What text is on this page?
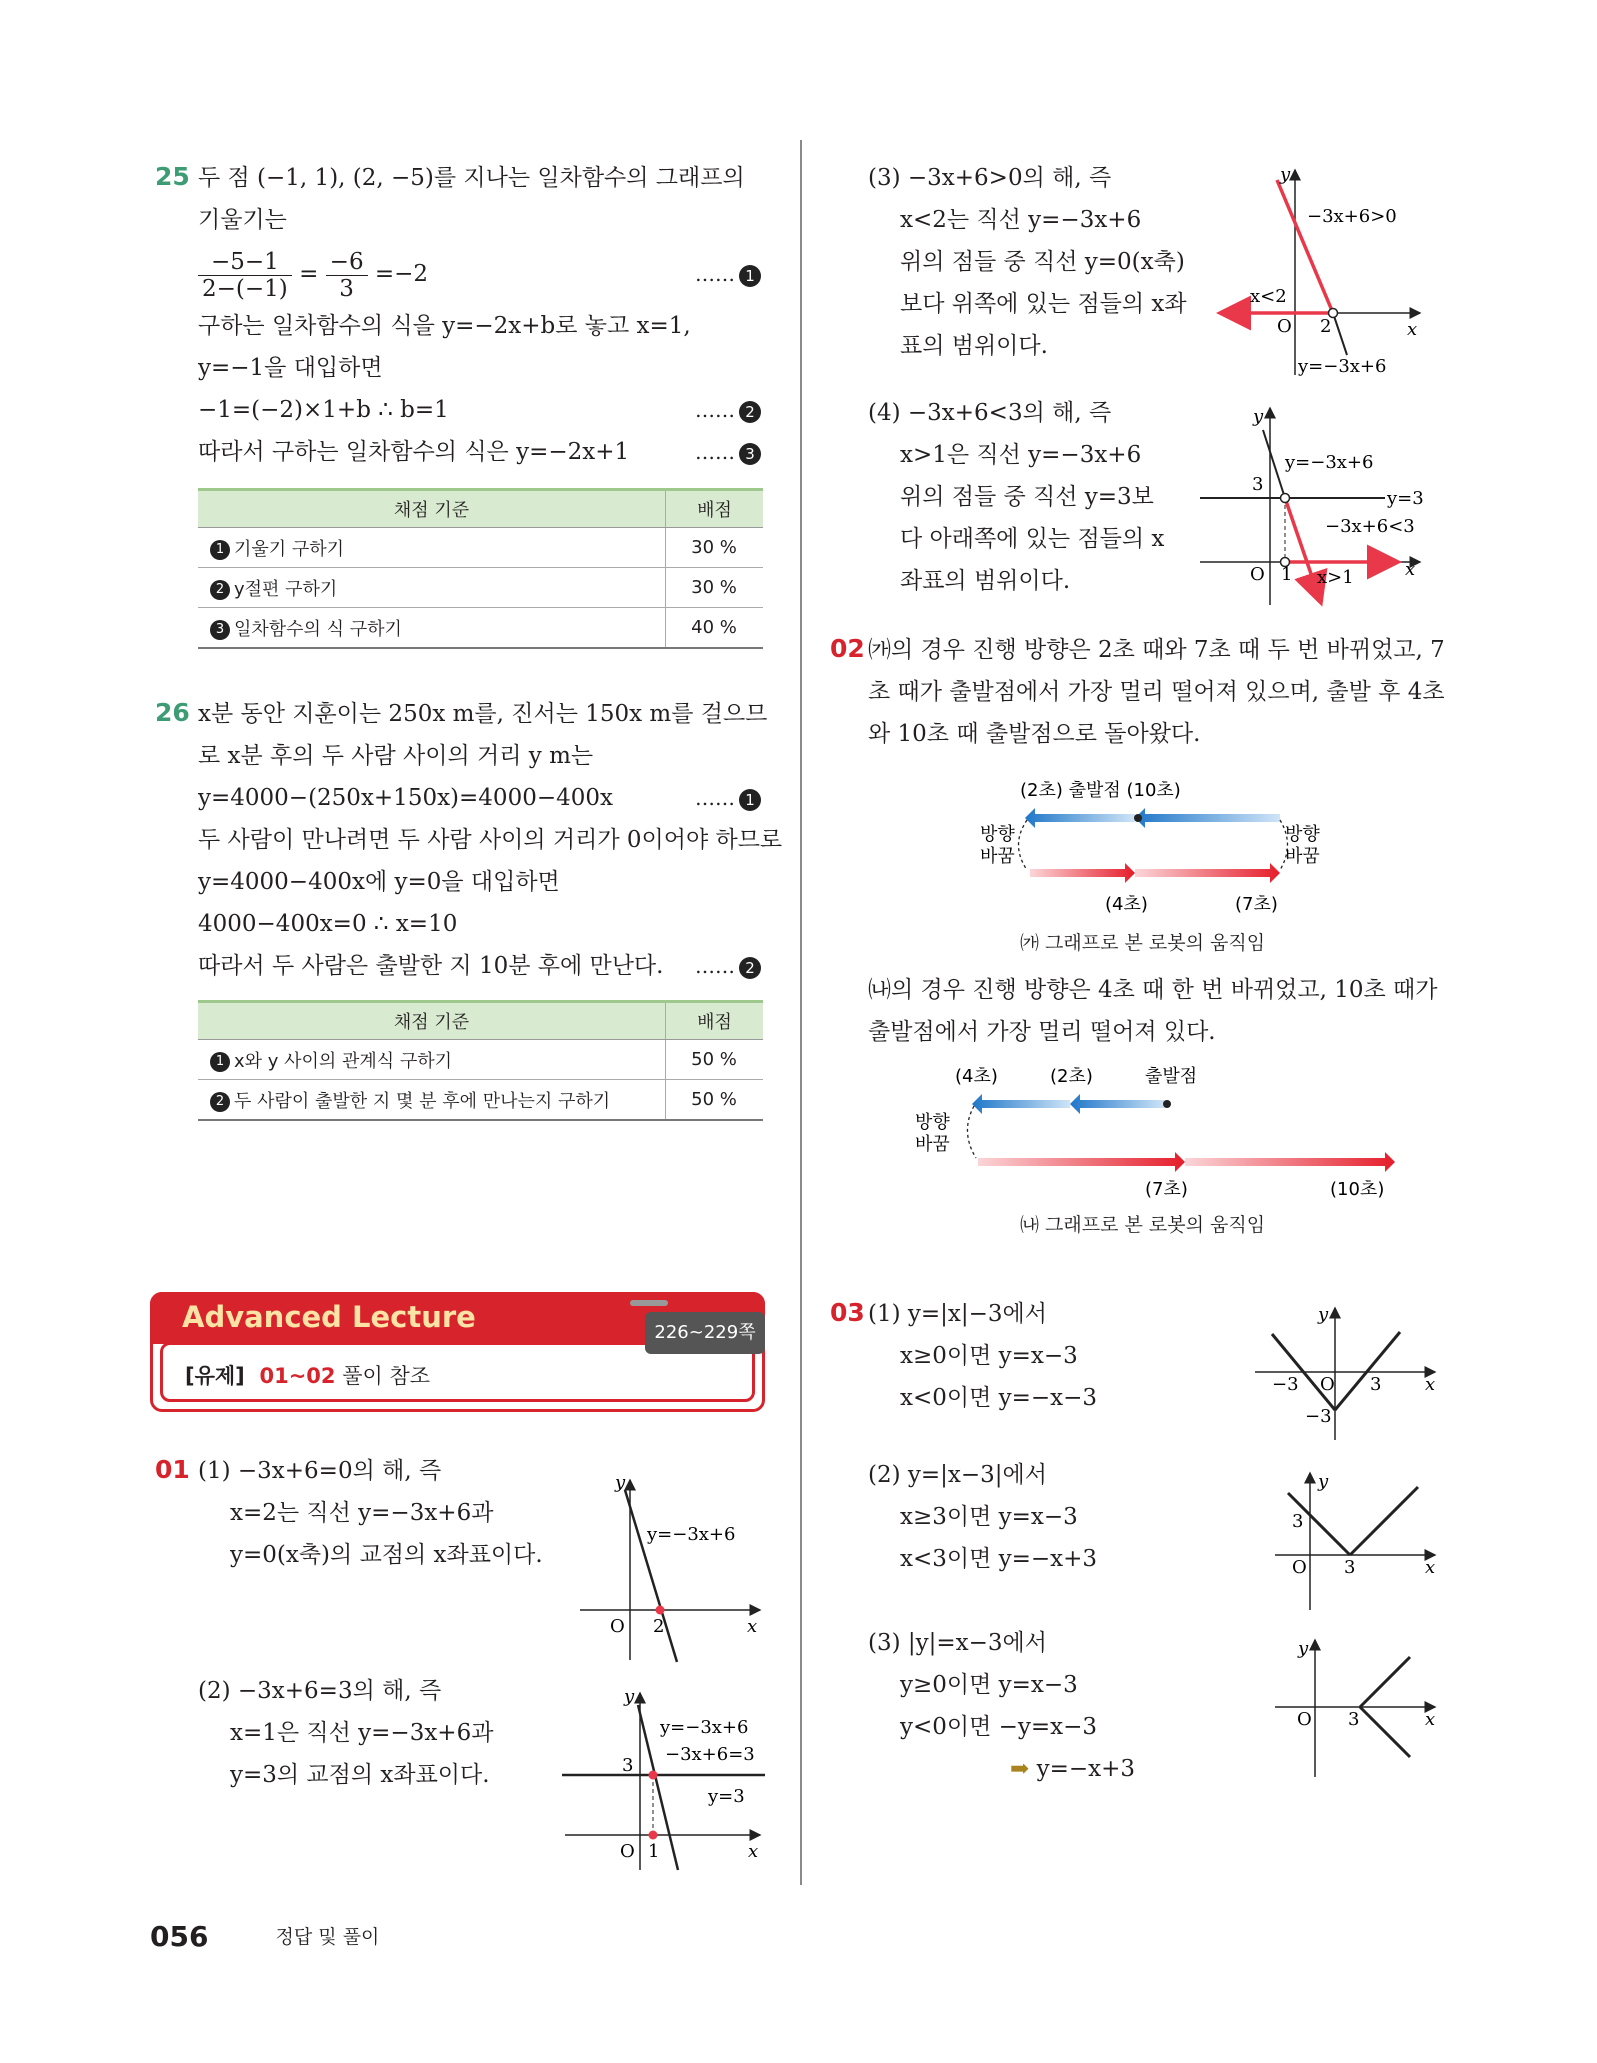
25 두 점 (−1, 1), (2, −5)를 지나는 일차함수의 그래프의
기울기는
$\frac{-5-1}{2-(-1)} = \frac{-6}{3} =-2$	…… 1
구하는 일차함수의 식을 y=−2x+b로 놓고 x=1,
y=−1을 대입하면
−1=(−2)×1+b ∴ b=1	…… 2
따라서 구하는 일차함수의 식은 y=−2x+1	…… 3
채점 기준	배점
1 기울기 구하기	30 %
2 y절편 구하기	30 %
3 일차함수의 식 구하기	40 %
26 x분 동안 지훈이는 250x m를, 진서는 150x m를 걸으므
로 x분 후의 두 사람 사이의 거리 y m는
y=4000−(250x+150x)=4000−400x	…… 1
두 사람이 만나려면 두 사람 사이의 거리가 0이어야 하므로
y=4000−400x에 y=0을 대입하면
4000−400x=0 ∴ x=10
따라서 두 사람은 출발한 지 10분 후에 만난다. …… 2
채점 기준	배점
1 x와 y 사이의 관계식 구하기	50 %
2 두 사람이 출발한 지 몇 분 후에 만나는지 구하기	50 %
Advanced Lecture	226~229쪽
[유제] 01~02 풀이 참조
01 (1) −3x+6=0의 해, 즉
x=2는 직선 y=−3x+6과
y=0(x축)의 교점의 x좌표이다.
y
x
O 2
y=−3x+6
(2) −3x+6=3의 해, 즉
x=1은 직선 y=−3x+6과
y=3의 교점의 x좌표이다.
y
x
O 1
3
y=−3x+6
−3x+6=3
y=3
(3) −3x+6>0의 해, 즉
x<2는 직선 y=−3x+6
위의 점들 중 직선 y=0(x축)
보다 위쪽에 있는 점들의 x좌
표의 범위이다.
y
x
O 2
−3x+6>0
x<2
y=−3x+6
(4) −3x+6<3의 해, 즉
x>1은 직선 y=−3x+6
위의 점들 중 직선 y=3보
다 아래쪽에 있는 점들의 x
좌표의 범위이다.
y
x
O 1
3
y=−3x+6
y=3
−3x+6<3
x>1
02 ㈎의 경우 진행 방향은 2초 때와 7초 때 두 번 바뀌었고, 7
초 때가 출발점에서 가장 멀리 떨어져 있으며, 출발 후 4초
와 10초 때 출발점으로 돌아왔다.
(2초) 출발점 (10초)
방향
바꿈
방향
바꿈
(4초)	(7초)
㈎ 그래프로 본 로봇의 움직임
㈏의 경우 진행 방향은 4초 때 한 번 바뀌었고, 10초 때가
출발점에서 가장 멀리 떨어져 있다.
(4초)	(2초)	출발점
방향
바꿈
(7초)	(10초)
㈏ 그래프로 본 로봇의 움직임
03 (1) y=|x|−3에서
x≥0이면 y=x−3
x<0이면 y=−x−3
y
x
O
−3	3
−3
(2) y=|x−3|에서
x≥3이면 y=x−3
x<3이면 y=−x+3
y
x
O 3
3
(3) |y|=x−3에서
y≥0이면 y=x−3
y<0이면 −y=x−3
➡ y=−x+3
y
x
O 3
056	정답 및 풀이
